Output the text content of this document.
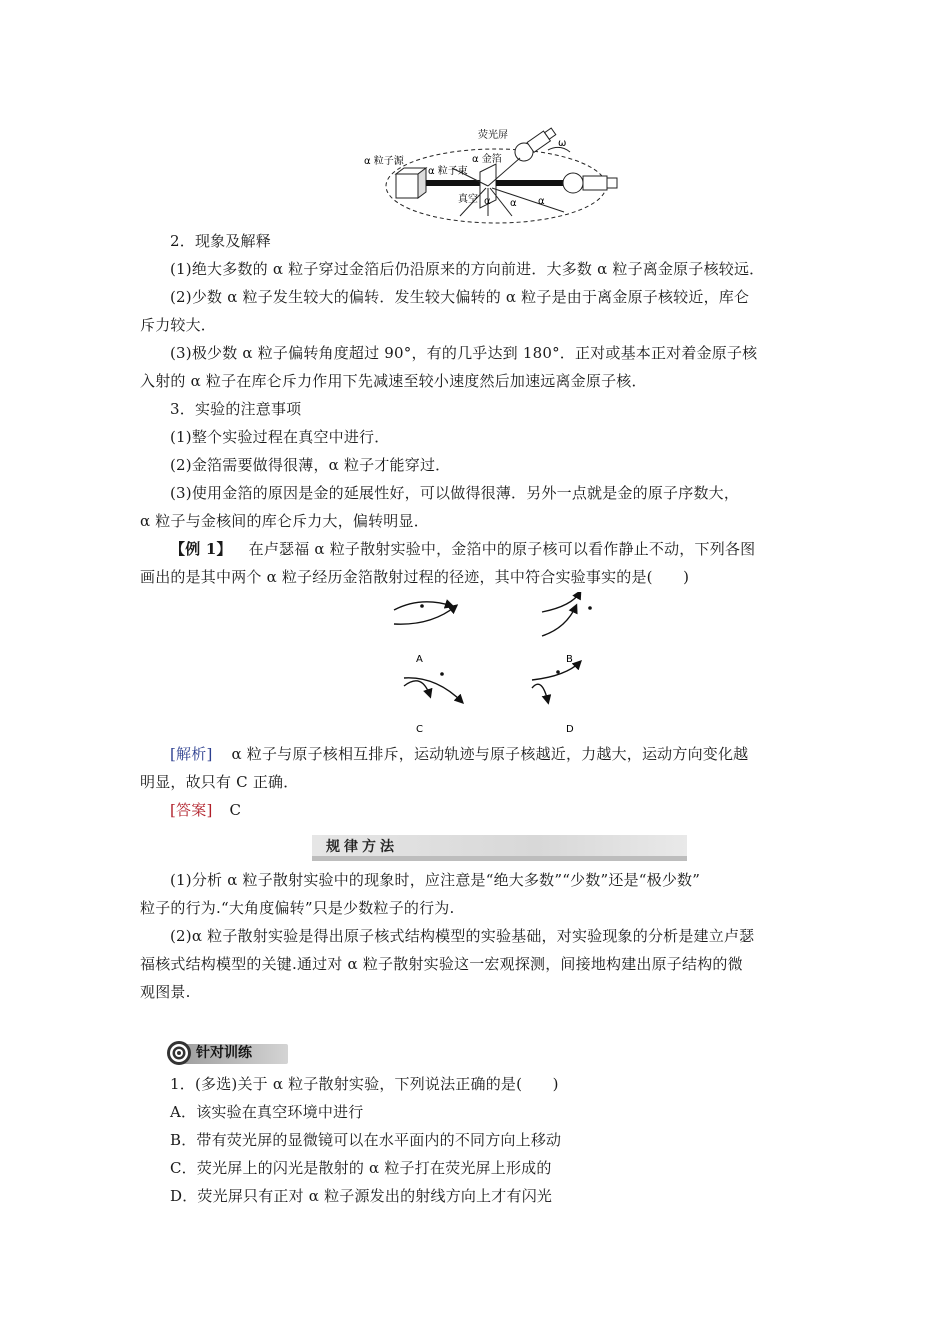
α 粒子源
α 粒子束
α 金箔
荧光屏
真空 α α α
ω
2．现象及解释
(1)绝大多数的 α 粒子穿过金箔后仍沿原来的方向前进．大多数 α 粒子离金原子核较远．
(2)少数 α 粒子发生较大的偏转．发生较大偏转的 α 粒子是由于离金原子核较近，库仑
斥力较大．
(3)极少数 α 粒子偏转角度超过 90°，有的几乎达到 180°．正对或基本正对着金原子核
入射的 α 粒子在库仑斥力作用下先减速至较小速度然后加速远离金原子核．
3．实验的注意事项
(1)整个实验过程在真空中进行．
(2)金箔需要做得很薄，α 粒子才能穿过．
(3)使用金箔的原因是金的延展性好，可以做得很薄．另外一点就是金的原子序数大，
α 粒子与金核间的库仑斥力大，偏转明显．
【例 1】 在卢瑟福 α 粒子散射实验中，金箔中的原子核可以看作静止不动，下列各图
画出的是其中两个 α 粒子经历金箔散射过程的径迹，其中符合实验事实的是(　　)
A	B
C	D
[解析] α 粒子与原子核相互排斥，运动轨迹与原子核越近，力越大，运动方向变化越
明显，故只有 C 正确．
[答案] C
规律方法
(1)分析 α 粒子散射实验中的现象时，应注意是“绝大多数”“少数”还是“极少数”
粒子的行为.“大角度偏转”只是少数粒子的行为.
(2)α 粒子散射实验是得出原子核式结构模型的实验基础，对实验现象的分析是建立卢瑟
福核式结构模型的关键.通过对 α 粒子散射实验这一宏观探测，间接地构建出原子结构的微
观图景.
针对训练
1．(多选)关于 α 粒子散射实验，下列说法正确的是(　　)
A．该实验在真空环境中进行
B．带有荧光屏的显微镜可以在水平面内的不同方向上移动
C．荧光屏上的闪光是散射的 α 粒子打在荧光屏上形成的
D．荧光屏只有正对 α 粒子源发出的射线方向上才有闪光
